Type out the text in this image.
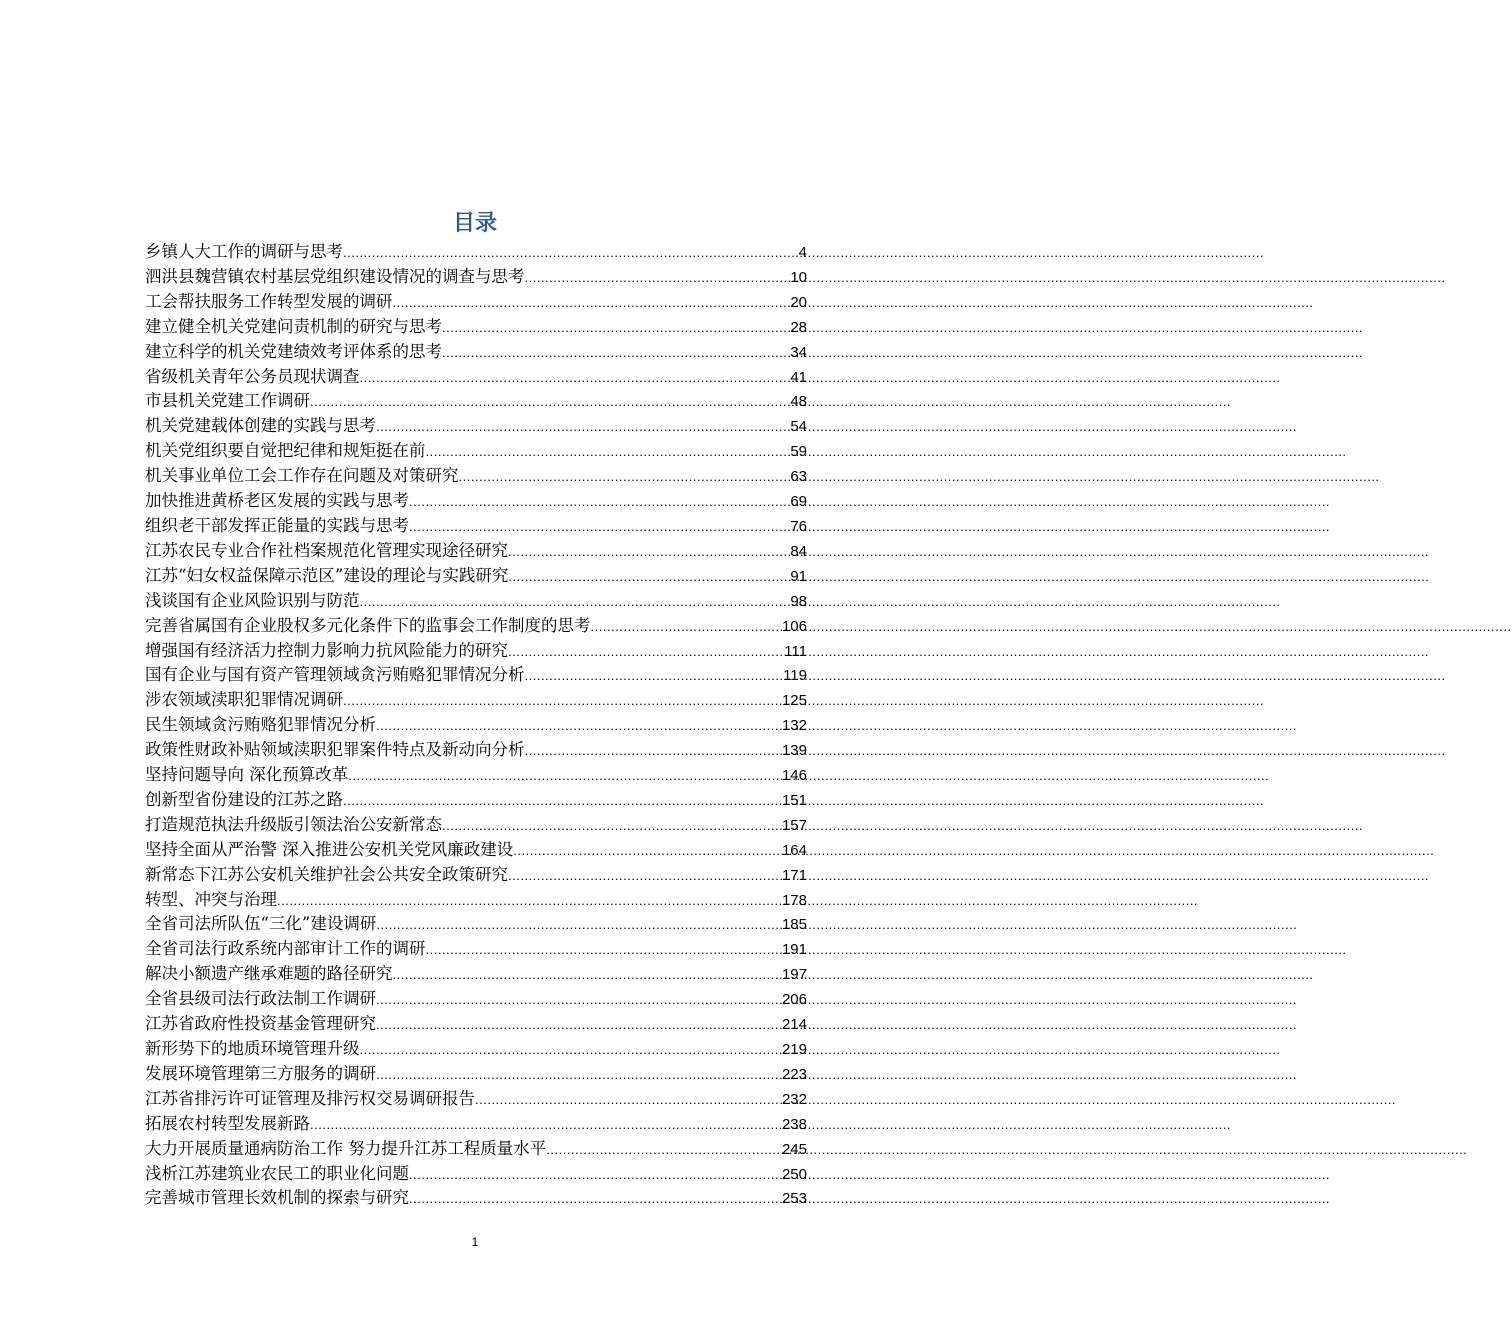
目录
乡镇人大工作的调研与思考 .....	4
泗洪县魏营镇农村基层党组织建设情况的调查与思考 .....	10
工会帮扶服务工作转型发展的调研 .....	20
建立健全机关党建问责机制的研究与思考 .....	28
建立科学的机关党建绩效考评体系的思考 .....	34
省级机关青年公务员现状调查 .....	41
市县机关党建工作调研 .....	48
机关党建载体创建的实践与思考 .....	54
机关党组织要自觉把纪律和规矩挺在前 .....	59
机关事业单位工会工作存在问题及对策研究 .....	63
加快推进黄桥老区发展的实践与思考 .....	69
组织老干部发挥正能量的实践与思考 .....	76
江苏农民专业合作社档案规范化管理实现途径研究 .....	84
江苏“妇女权益保障示范区”建设的理论与实践研究 .....	91
浅谈国有企业风险识别与防范 .....	98
完善省属国有企业股权多元化条件下的监事会工作制度的思考 .....	106
增强国有经济活力控制力影响力抗风险能力的研究 .....	111
国有企业与国有资产管理领域贪污贿赂犯罪情况分析 .....	119
涉农领域渎职犯罪情况调研 .....	125
民生领域贪污贿赂犯罪情况分析 .....	132
政策性财政补贴领域渎职犯罪案件特点及新动向分析 .....	139
坚持问题导向 深化预算改革 .....	146
创新型省份建设的江苏之路 .....	151
打造规范执法升级版引领法治公安新常态 .....	157
坚持全面从严治警 深入推进公安机关党风廉政建设 .....	164
新常态下江苏公安机关维护社会公共安全政策研究 .....	171
转型、冲突与治理 .....	178
全省司法所队伍“三化”建设调研 .....	185
全省司法行政系统内部审计工作的调研 .....	191
解决小额遗产继承难题的路径研究 .....	197
全省县级司法行政法制工作调研 .....	206
江苏省政府性投资基金管理研究 .....	214
新形势下的地质环境管理升级 .....	219
发展环境管理第三方服务的调研 .....	223
江苏省排污许可证管理及排污权交易调研报告 .....	232
拓展农村转型发展新路 .....	238
大力开展质量通病防治工作 努力提升江苏工程质量水平 .....	245
浅析江苏建筑业农民工的职业化问题 .....	250
完善城市管理长效机制的探索与研究 .....	253
1
